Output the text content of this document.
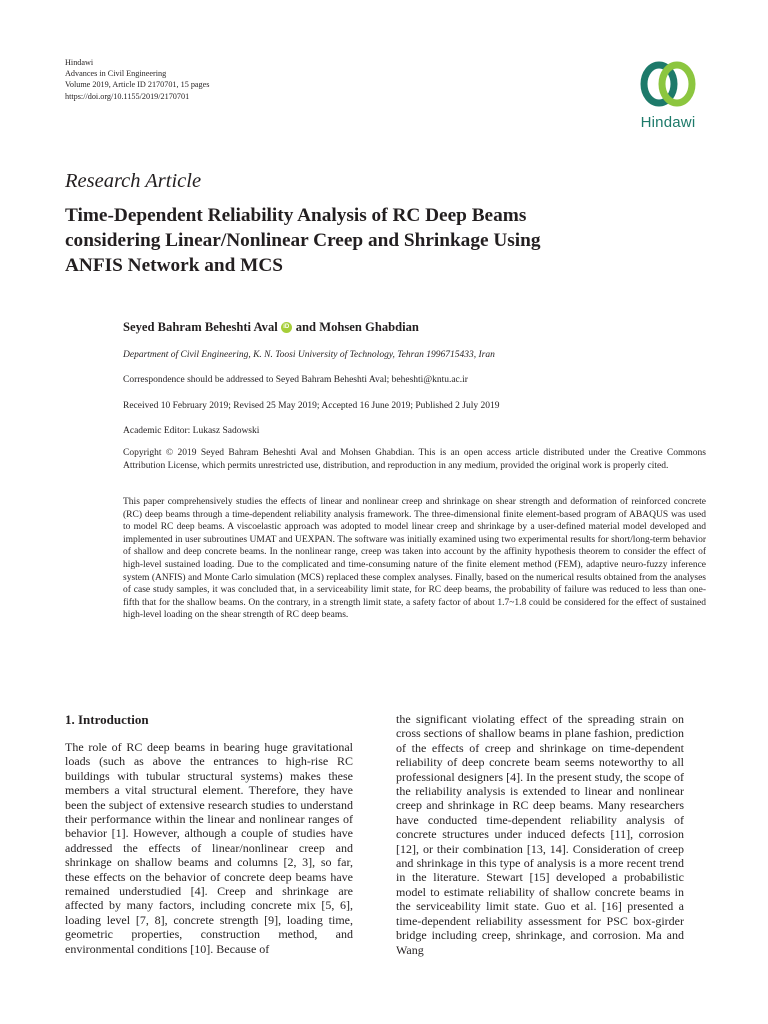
Hindawi
Advances in Civil Engineering
Volume 2019, Article ID 2170701, 15 pages
https://doi.org/10.1155/2019/2170701
Hindawi
Research Article
Time-Dependent Reliability Analysis of RC Deep Beams considering Linear/Nonlinear Creep and Shrinkage Using ANFIS Network and MCS
Seyed Bahram Beheshti Aval iD and Mohsen Ghabdian
Department of Civil Engineering, K. N. Toosi University of Technology, Tehran 1996715433, Iran
Correspondence should be addressed to Seyed Bahram Beheshti Aval; beheshti@kntu.ac.ir
Received 10 February 2019; Revised 25 May 2019; Accepted 16 June 2019; Published 2 July 2019
Academic Editor: Lukasz Sadowski
Copyright © 2019 Seyed Bahram Beheshti Aval and Mohsen Ghabdian. This is an open access article distributed under the Creative Commons Attribution License, which permits unrestricted use, distribution, and reproduction in any medium, provided the original work is properly cited.
This paper comprehensively studies the effects of linear and nonlinear creep and shrinkage on shear strength and deformation of reinforced concrete (RC) deep beams through a time-dependent reliability analysis framework. The three-dimensional finite element-based program of ABAQUS was used to model RC deep beams. A viscoelastic approach was adopted to model linear creep and shrinkage by a user-defined material model developed and implemented in user subroutines UMAT and UEXPAN. The software was initially examined using two experimental results for short/long-term behavior of shallow and deep concrete beams. In the nonlinear range, creep was taken into account by the affinity hypothesis theorem to consider the effect of high-level sustained loading. Due to the complicated and time-consuming nature of the finite element method (FEM), adaptive neuro-fuzzy inference system (ANFIS) and Monte Carlo simulation (MCS) replaced these complex analyses. Finally, based on the numerical results obtained from the analyses of case study samples, it was concluded that, in a serviceability limit state, for RC deep beams, the probability of failure was reduced to less than one-fifth that for the shallow beams. On the contrary, in a strength limit state, a safety factor of about 1.7~1.8 could be considered for the effect of sustained high-level loading on the shear strength of RC deep beams.
1. Introduction

The role of RC deep beams in bearing huge gravitational loads (such as above the entrances to high-rise RC buildings with tubular structural systems) makes these members a vital structural element. Therefore, they have been the subject of extensive research studies to understand their performance within the linear and nonlinear ranges of behavior [1]. However, although a couple of studies have addressed the effects of linear/nonlinear creep and shrinkage on shallow beams and columns [2, 3], so far, these effects on the behavior of concrete deep beams have remained understudied [4]. Creep and shrinkage are affected by many factors, including concrete mix [5, 6], loading level [7, 8], concrete strength [9], loading time, geometric properties, construction method, and environmental conditions [10]. Because of

the significant violating effect of the spreading strain on cross sections of shallow beams in plane fashion, prediction of the effects of creep and shrinkage on time-dependent reliability of deep concrete beam seems noteworthy to all professional designers [4]. In the present study, the scope of the reliability analysis is extended to linear and nonlinear creep and shrinkage in RC deep beams. Many researchers have conducted time-dependent reliability analysis of concrete structures under induced defects [11], corrosion [12], or their combination [13, 14]. Consideration of creep and shrinkage in this type of analysis is a more recent trend in the literature. Stewart [15] developed a probabilistic model to estimate reliability of shallow concrete beams in the serviceability limit state. Guo et al. [16] presented a time-dependent reliability assessment for PSC box-girder bridge including creep, shrinkage, and corrosion. Ma and Wang
